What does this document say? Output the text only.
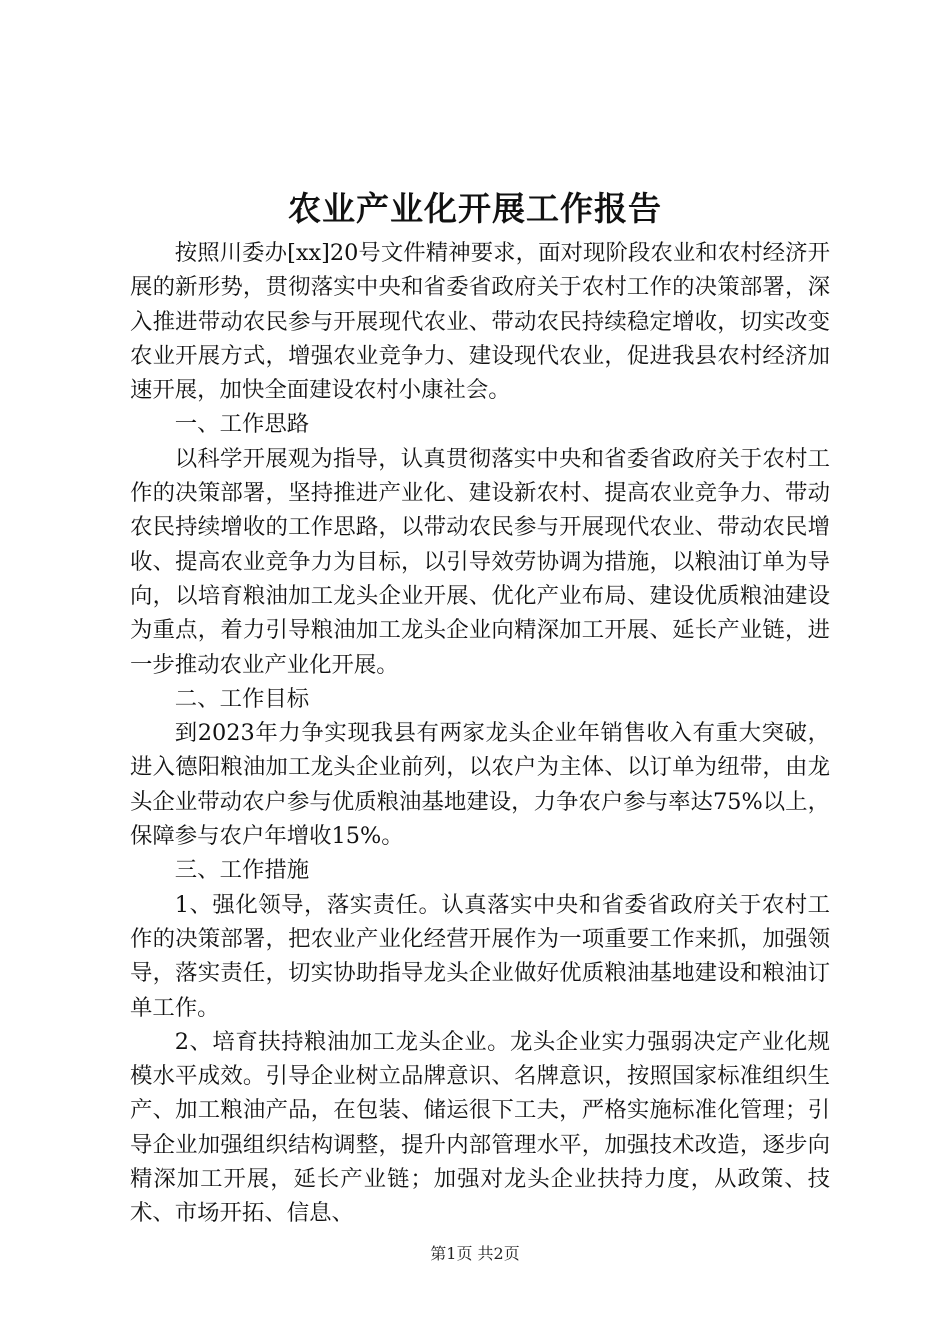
农业产业化开展工作报告

按照川委办[xx]20号文件精神要求，面对现阶段农业和农村经济开展的新形势，贯彻落实中央和省委省政府关于农村工作的决策部署，深入推进带动农民参与开展现代农业、带动农民持续稳定增收，切实改变农业开展方式，增强农业竞争力、建设现代农业，促进我县农村经济加速开展，加快全面建设农村小康社会。

一、工作思路

以科学开展观为指导，认真贯彻落实中央和省委省政府关于农村工作的决策部署，坚持推进产业化、建设新农村、提高农业竞争力、带动农民持续增收的工作思路，以带动农民参与开展现代农业、带动农民增收、提高农业竞争力为目标，以引导效劳协调为措施，以粮油订单为导向，以培育粮油加工龙头企业开展、优化产业布局、建设优质粮油建设为重点，着力引导粮油加工龙头企业向精深加工开展、延长产业链，进一步推动农业产业化开展。

二、工作目标

到2023年力争实现我县有两家龙头企业年销售收入有重大突破，进入德阳粮油加工龙头企业前列，以农户为主体、以订单为纽带，由龙头企业带动农户参与优质粮油基地建设，力争农户参与率达75%以上，保障参与农户年增收15%。

三、工作措施

1、强化领导，落实责任。认真落实中央和省委省政府关于农村工作的决策部署，把农业产业化经营开展作为一项重要工作来抓，加强领导，落实责任，切实协助指导龙头企业做好优质粮油基地建设和粮油订单工作。

2、培育扶持粮油加工龙头企业。龙头企业实力强弱决定产业化规模水平成效。引导企业树立品牌意识、名牌意识，按照国家标准组织生产、加工粮油产品，在包装、储运很下工夫，严格实施标准化管理；引导企业加强组织结构调整，提升内部管理水平，加强技术改造，逐步向精深加工开展，延长产业链；加强对龙头企业扶持力度，从政策、技术、市场开拓、信息、

第1页 共2页
